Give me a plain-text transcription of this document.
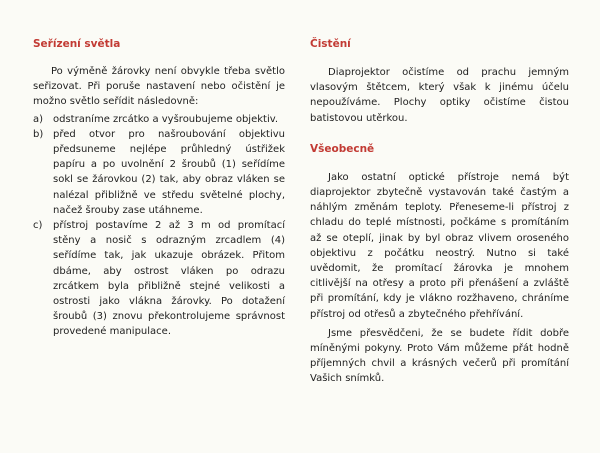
Seřízení světla

Po výměně žárovky není obvykle třeba světlo seřizovat. Při poruše nastavení nebo očistění je možno světlo seřídit následovně:

a) odstraníme zrcátko a vyšroubujeme objektiv.
b) před otvor pro našroubování objektivu předsuneme nejlépe průhledný ústřižek papíru a po uvolnění 2 šroubů (1) seřídíme sokl se žárovkou (2) tak, aby obraz vláken se nalézal přibližně ve středu světelné plochy, načež šrouby zase utáhneme.
c) přístroj postavíme 2 až 3 m od promítací stěny a nosič s odrazným zrcadlem (4) seřídíme tak, jak ukazuje obrázek. Přitom dbáme, aby ostrost vláken po odrazu zrcátkem byla přibližně stejné velikosti a ostrosti jako vlákna žárovky. Po dotažení šroubů (3) znovu překontrolujeme správnost provedené manipulace.
Čistění

Diaprojektor očistíme od prachu jemným vlasovým štětcem, který však k jinému účelu nepoužíváme. Plochy optiky očistíme čistou batistovou utěrkou.

Všeobecně

Jako ostatní optické přístroje nemá být diaprojektor zbytečně vystavován také častým a náhlým změnám teploty. Přeneseme-li přístroj z chladu do teplé místnosti, počkáme s promítáním až se oteplí, jinak by byl obraz vlivem oroseného objektivu z počátku neostrý. Nutno si také uvědomit, že promítací žárovka je mnohem citlivější na otřesy a proto při přenášení a zvláště při promítání, kdy je vlákno rozžhaveno, chráníme přístroj od otřesů a zbytečného přehřívání.

Jsme přesvědčeni, že se budete řídit dobře míněnými pokyny. Proto Vám můžeme přát hodně příjemných chvil a krásných večerů při promítání Vašich snímků.
